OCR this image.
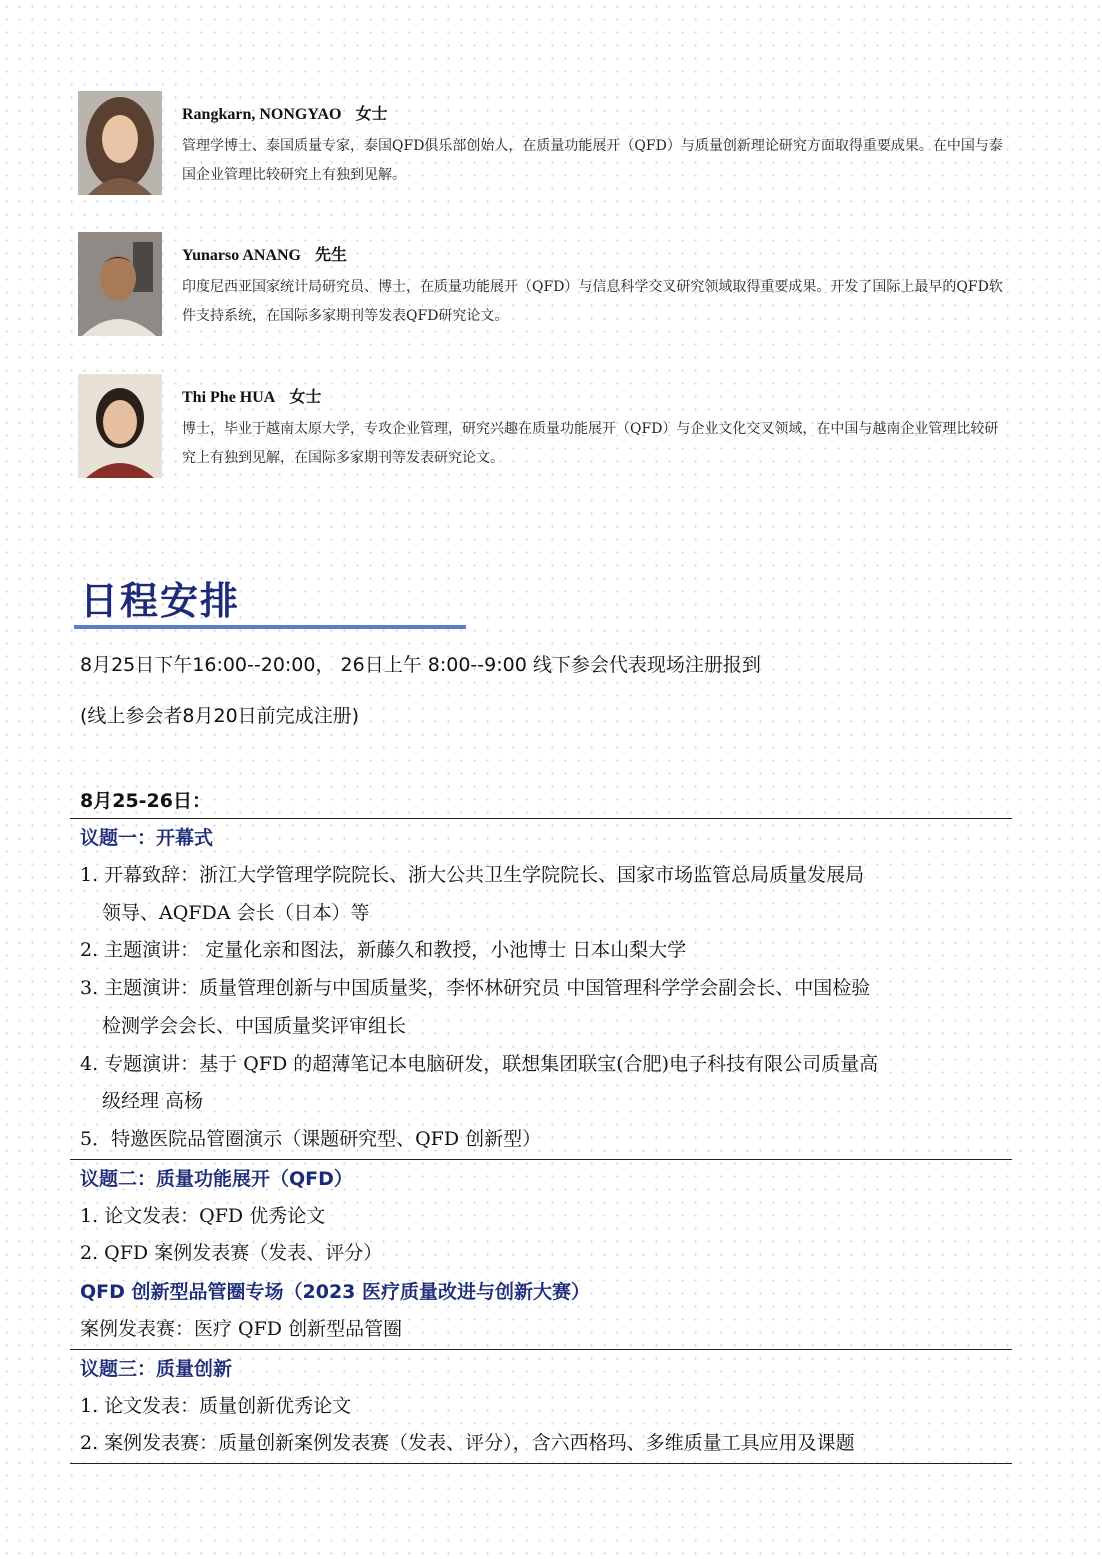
Rangkarn, NONGYAO 女士

管理学博士、泰国质量专家，泰国QFD俱乐部创始人，在质量功能展开（QFD）与质量创新理论研究方面取得重要成果。在中国与泰国企业管理比较研究上有独到见解。

Yunarso ANANG 先生

印度尼西亚国家统计局研究员、博士，在质量功能展开（QFD）与信息科学交叉研究领域取得重要成果。开发了国际上最早的QFD软件支持系统，在国际多家期刊等发表QFD研究论文。

Thi Phe HUA 女士

博士，毕业于越南太原大学，专攻企业管理，研究兴趣在质量功能展开（QFD）与企业文化交叉领域，在中国与越南企业管理比较研究上有独到见解，在国际多家期刊等发表研究论文。

日程安排

8月25日下午16:00--20:00， 26日上午 8:00--9:00 线下参会代表现场注册报到

(线上参会者8月20日前完成注册)

8月25-26日：

议题一：开幕式

1. 开幕致辞：浙江大学管理学院院长、浙大公共卫生学院院长、国家市场监管总局质量发展局
领导、AQFDA 会长（日本）等

2. 主题演讲： 定量化亲和图法，新藤久和教授，小池博士 日本山梨大学

3. 主题演讲：质量管理创新与中国质量奖，李怀林研究员 中国管理科学学会副会长、中国检验
检测学会会长、中国质量奖评审组长

4. 专题演讲：基于 QFD 的超薄笔记本电脑研发，联想集团联宝(合肥)电子科技有限公司质量高
级经理 高杨

5．特邀医院品管圈演示（课题研究型、QFD 创新型）

议题二：质量功能展开（QFD）

1. 论文发表：QFD 优秀论文

2. QFD 案例发表赛（发表、评分）

QFD 创新型品管圈专场（2023 医疗质量改进与创新大赛）

案例发表赛：医疗 QFD 创新型品管圈

议题三：质量创新

1. 论文发表：质量创新优秀论文

2. 案例发表赛：质量创新案例发表赛（发表、评分），含六西格玛、多维质量工具应用及课题
